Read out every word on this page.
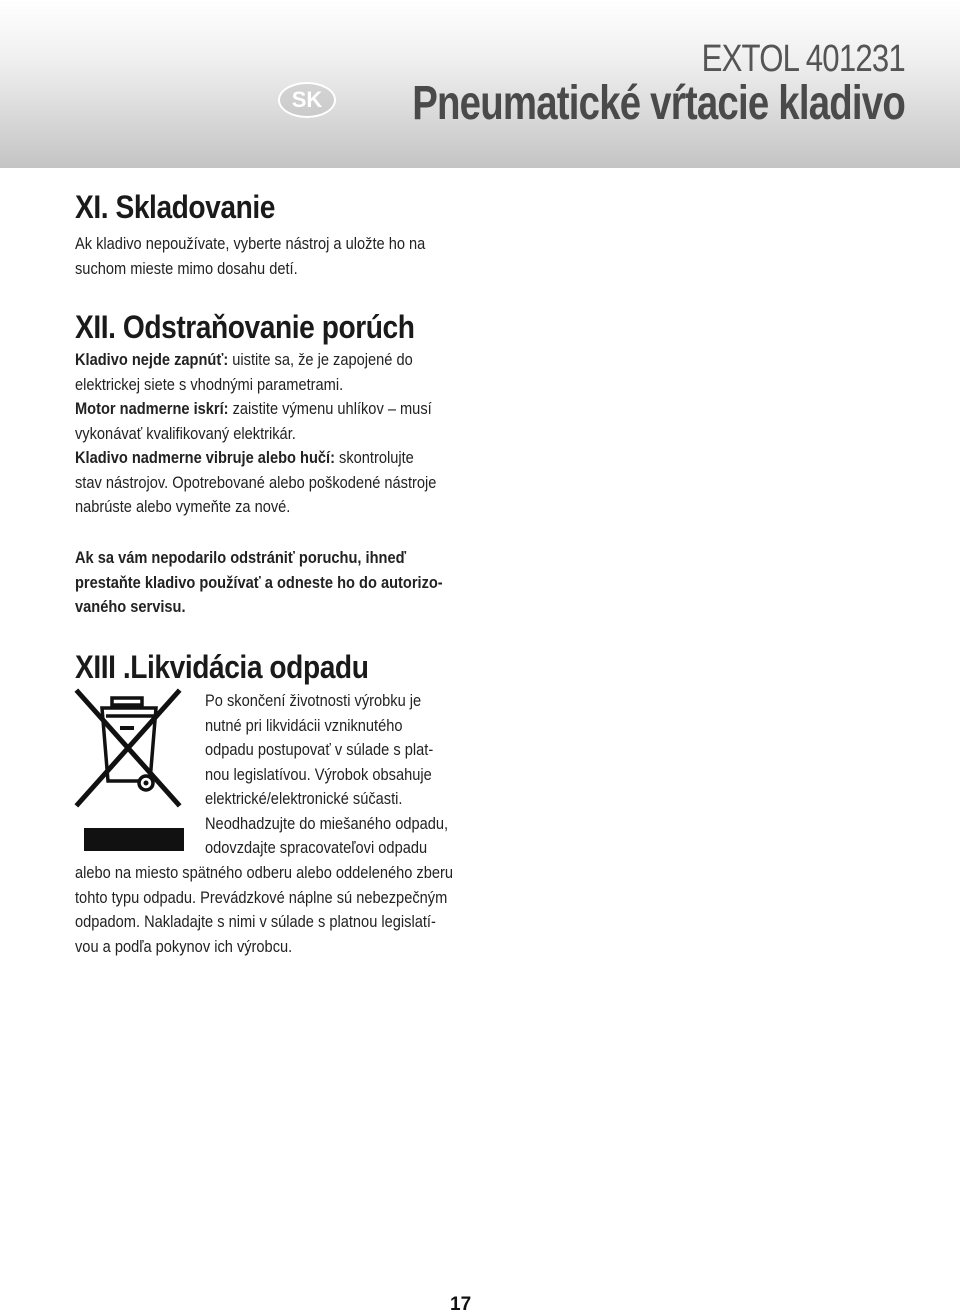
EXTOL 401231
SK Pneumatické vŕtacie kladivo
XI. Skladovanie

Ak kladivo nepoužívate, vyberte nástroj a uložte ho na
suchom mieste mimo dosahu detí.

XII. Odstraňovanie porúch

Kladivo nejde zapnúť: uistite sa, že je zapojené do
elektrickej siete s vhodnými parametrami.
Motor nadmerne iskrí: zaistite výmenu uhlíkov – musí
vykonávať kvalifikovaný elektrikár.
Kladivo nadmerne vibruje alebo hučí: skontrolujte
stav nástrojov. Opotrebované alebo poškodené nástroje
nabrúste alebo vymeňte za nové.

Ak sa vám nepodarilo odstrániť poruchu, ihneď
prestaňte kladivo používať a odneste ho do autorizo-
vaného servisu.

XIII .Likvidácia odpadu

Po skončení životnosti výrobku je
nutné pri likvidácii vzniknutého
odpadu postupovať v súlade s plat-
nou legislatívou. Výrobok obsahuje
elektrické/elektronické súčasti.
Neodhadzujte do miešaného odpadu,
odovzdajte spracovateľovi odpadu

alebo na miesto spätného odberu alebo oddeleného zberu
tohto typu odpadu. Prevádzkové náplne sú nebezpečným
odpadom. Nakladajte s nimi v súlade s platnou legislatí-
vou a podľa pokynov ich výrobcu.

17
